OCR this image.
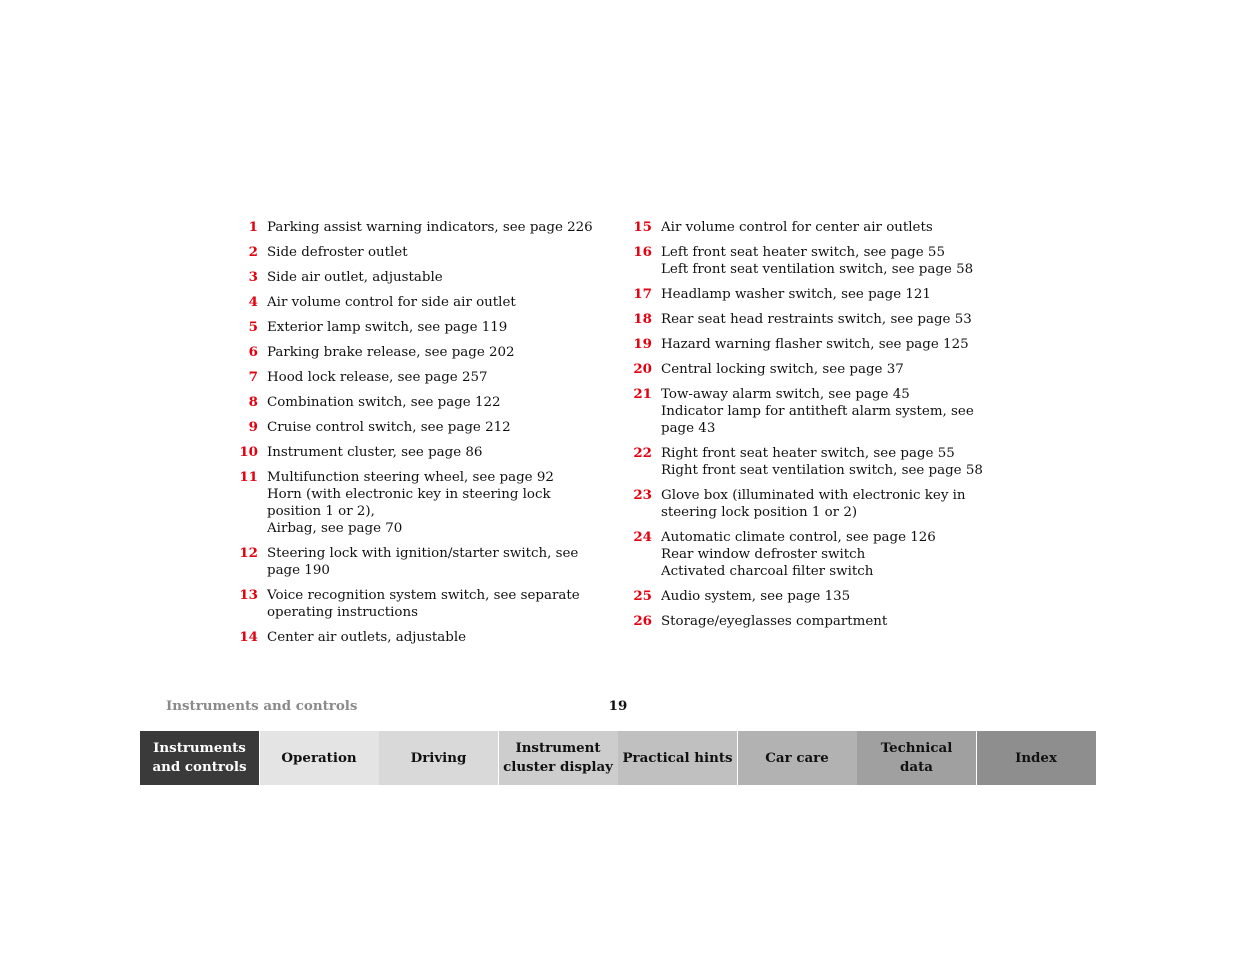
1 Parking assist warning indicators, see page 226
2 Side defroster outlet
3 Side air outlet, adjustable
4 Air volume control for side air outlet
5 Exterior lamp switch, see page 119
6 Parking brake release, see page 202
7 Hood lock release, see page 257
8 Combination switch, see page 122
9 Cruise control switch, see page 212
10 Instrument cluster, see page 86
11 Multifunction steering wheel, see page 92
Horn (with electronic key in steering lock
position 1 or 2),
Airbag, see page 70
12 Steering lock with ignition/starter switch, see
page 190
13 Voice recognition system switch, see separate
operating instructions
14 Center air outlets, adjustable
15 Air volume control for center air outlets
16 Left front seat heater switch, see page 55
Left front seat ventilation switch, see page 58
17 Headlamp washer switch, see page 121
18 Rear seat head restraints switch, see page 53
19 Hazard warning flasher switch, see page 125
20 Central locking switch, see page 37
21 Tow-away alarm switch, see page 45
Indicator lamp for antitheft alarm system, see
page 43
22 Right front seat heater switch, see page 55
Right front seat ventilation switch, see page 58
23 Glove box (illuminated with electronic key in
steering lock position 1 or 2)
24 Automatic climate control, see page 126
Rear window defroster switch
Activated charcoal filter switch
25 Audio system, see page 135
26 Storage/eyeglasses compartment
Instruments and controls	19
Instruments
and controls
Operation	Driving
Instrument
cluster display
Practical hints Car care
Technical
data
Index
